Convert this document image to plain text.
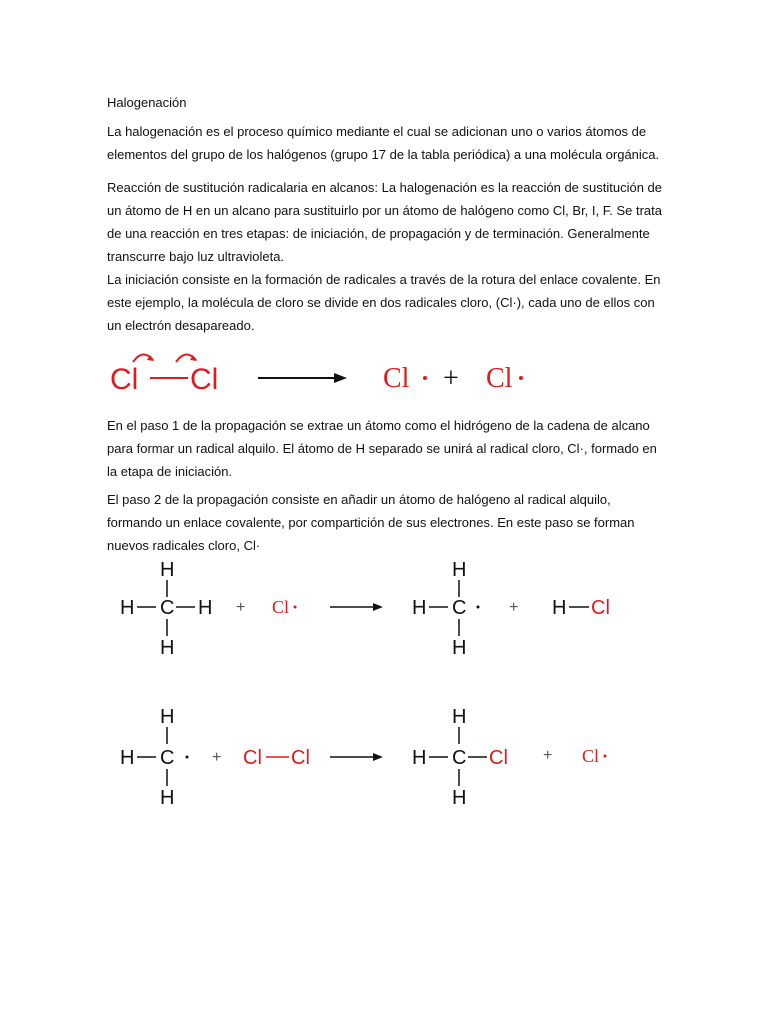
Halogenación

La halogenación es el proceso químico mediante el cual se adicionan uno o varios átomos de elementos del grupo de los halógenos (grupo 17 de la tabla periódica) a una molécula orgánica.

Reacción de sustitución radicalaria en alcanos: La halogenación es la reacción de sustitución de un átomo de H en un alcano para sustituirlo por un átomo de halógeno como Cl, Br, I, F. Se trata de una reacción en tres etapas: de iniciación, de propagación y de terminación. Generalmente transcurre bajo luz ultravioleta.

La iniciación consiste en la formación de radicales a través de la rotura del enlace covalente. En este ejemplo, la molécula de cloro se divide en dos radicales cloro, (Cl·), cada uno de ellos con un electrón desapareado.

Cl Cl	Cl + Cl

En el paso 1 de la propagación se extrae un átomo como el hidrógeno de la cadena de alcano para formar un radical alquilo. El átomo de H separado se unirá al radical cloro, Cl·, formado en la etapa de iniciación.

El paso 2 de la propagación consiste en añadir un átomo de halógeno al radical alquilo, formando un enlace covalente, por compartición de sus electrones. En este paso se forman nuevos radicales cloro, Cl·

H
H C H
H
+ Cl
H
H C
H
+ H Cl
H
H C
H
+ Cl Cl
H
H C Cl
H
+ Cl
